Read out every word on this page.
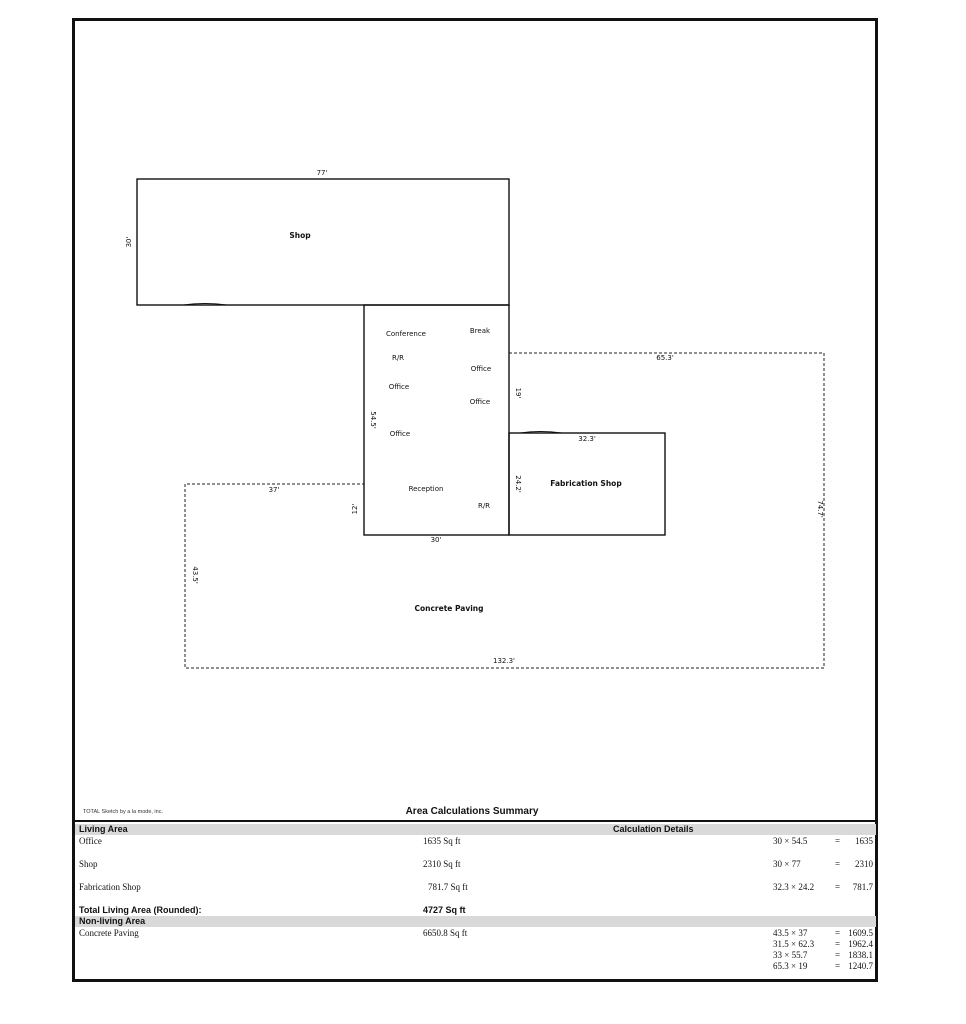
Shop
Conference	Break
R/R
Office
Office
Office
Office
Reception
R/R
Fabrication Shop
Concrete Paving
77'
30'
65.3'
19'
54.5'
32.3'
24.2'
37'
12'
30'
74.7'
43.5'
132.3'
TOTAL Sketch by a la mode, inc.	Area Calculations Summary
Living Area	Calculation Details
Office	1635 Sq ft	30 × 54.5	= 1635
Shop	2310 Sq ft	30 × 77	= 2310
Fabrication Shop	781.7 Sq ft	32.3 × 24.2 = 781.7
Total Living Area (Rounded):	4727 Sq ft
Non-living Area
Concrete Paving	6650.8 Sq ft	43.5 × 37	= 1609.5
31.5 × 62.3 = 1962.4
33 × 55.7	= 1838.1
65.3 × 19	= 1240.7
